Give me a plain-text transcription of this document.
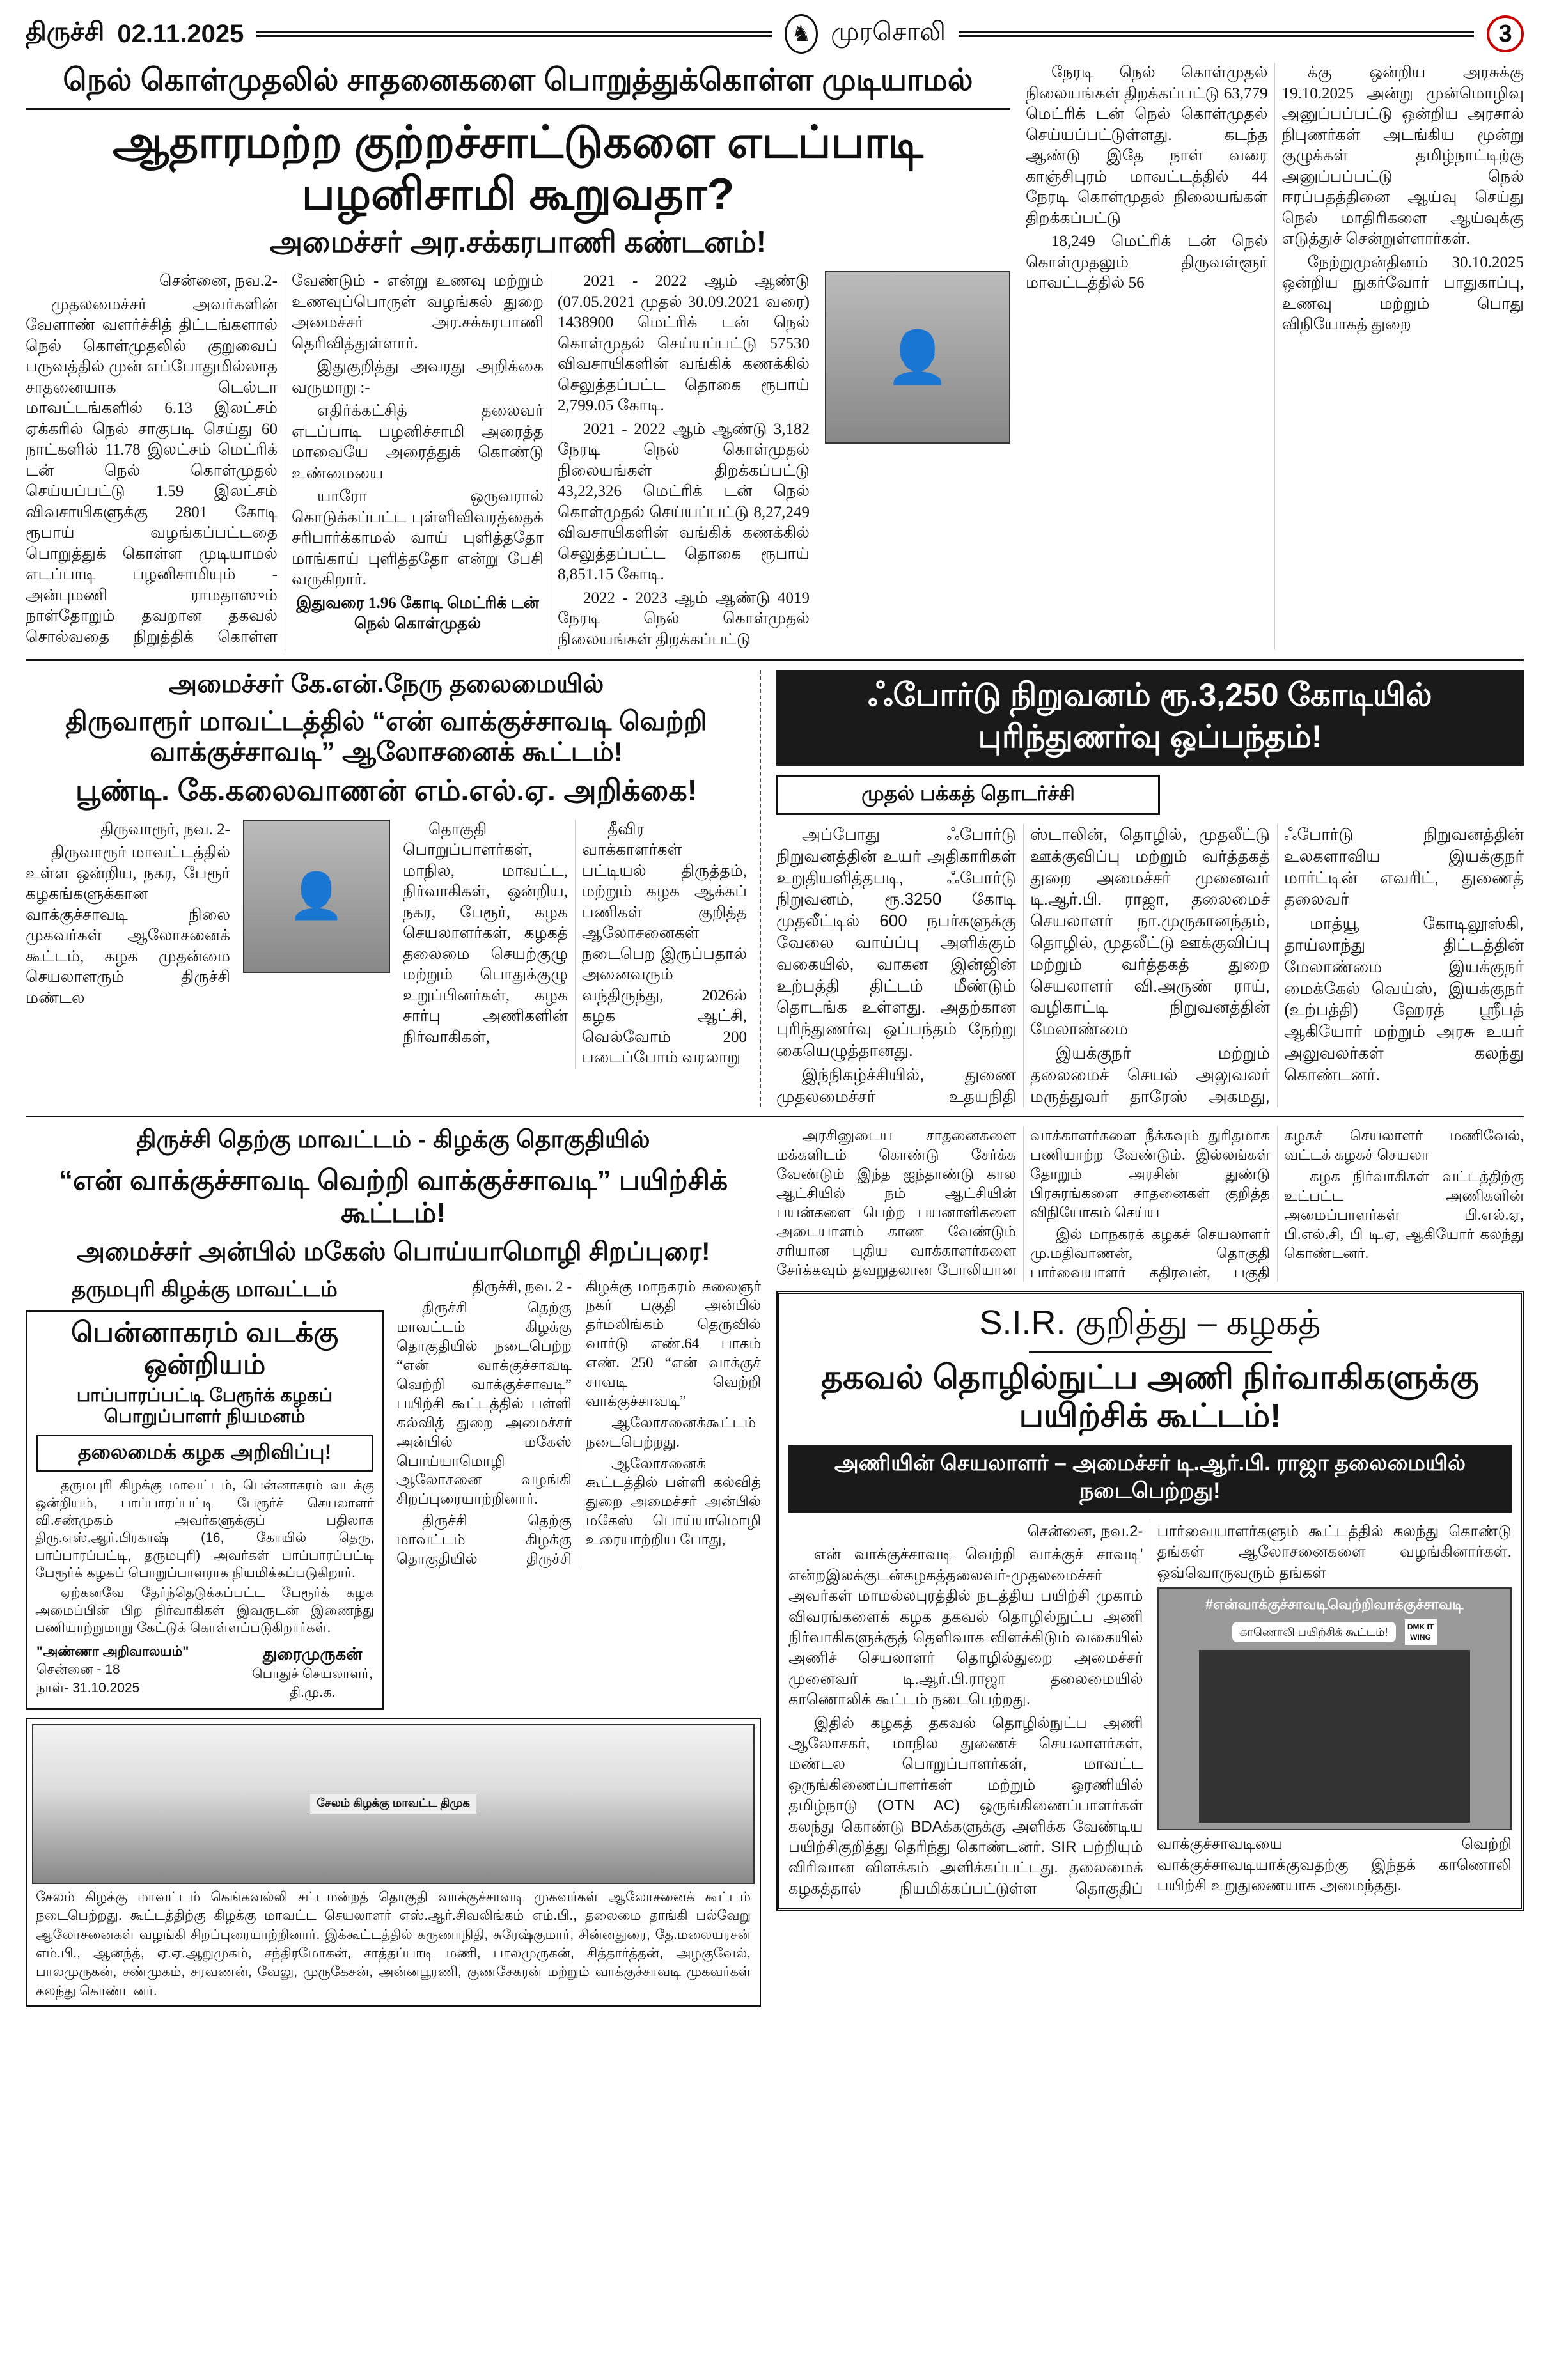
திருச்சி 02.11.2025	♞ முரசொலி	3
நெல் கொள்முதலில் சாதனைகளை பொறுத்துக்கொள்ள முடியாமல்
ஆதாரமற்ற குற்றச்சாட்டுகளை எடப்பாடி பழனிசாமி கூறுவதா?
அமைச்சர் அர.சக்கரபாணி கண்டனம்!

சென்னை, நவ.2-

முதலமைச்சர் அவர்களின் வேளாண் வளர்ச்சித் திட்டங்களால் நெல் கொள்முதலில் குறுவைப் பருவத்தில் முன் எப்போதுமில்லாத சாதனையாக டெல்டா மாவட்டங்களில் 6.13 இலட்சம் ஏக்கரில் நெல் சாகுபடி செய்து 60 நாட்களில் 11.78 இலட்சம் மெட்ரிக் டன் நெல் கொள்முதல் செய்யப்பட்டு 1.59 இலட்சம் விவசாயிகளுக்கு 2801 கோடி ரூபாய் வழங்கப்பட்டதை பொறுத்துக் கொள்ள முடியாமல் எடப்பாடி பழனிசாமியும் - அன்புமணி ராமதாஸும் நாள்தோறும் தவறான தகவல் சொல்வதை நிறுத்திக் கொள்ள வேண்டும் - என்று உணவு மற்றும் உணவுப்பொருள் வழங்கல் துறை அமைச்சர் அர.சக்கரபாணி தெரிவித்துள்ளார்.

இதுகுறித்து அவரது அறிக்கை வருமாறு :-

எதிர்க்கட்சித் தலைவர் எடப்பாடி பழனிச்சாமி அரைத்த மாவையே அரைத்துக் கொண்டு உண்மையை

யாரோ ஒருவரால் கொடுக்கப்பட்ட புள்ளிவிவரத்தைக் சரிபார்க்காமல் வாய் புளித்ததோ மாங்காய் புளித்ததோ என்று பேசி வருகிறார்.

இதுவரை 1.96 கோடி மெட்ரிக் டன் நெல் கொள்முதல்

2021 - 2022 ஆம் ஆண்டு (07.05.2021 முதல் 30.09.2021 வரை) 1438900 மெட்ரிக் டன் நெல் கொள்முதல் செய்யப்பட்டு 57530 விவசாயிகளின் வங்கிக் கணக்கில் செலுத்தப்பட்ட தொகை ரூபாய் 2,799.05 கோடி.

2021 - 2022 ஆம் ஆண்டு 3,182 நேரடி நெல் கொள்முதல் நிலையங்கள் திறக்கப்பட்டு 43,22,326 மெட்ரிக் டன் நெல் கொள்முதல் செய்யப்பட்டு 8,27,249 விவசாயிகளின் வங்கிக் கணக்கில் செலுத்தப்பட்ட தொகை ரூபாய் 8,851.15 கோடி.

2022 - 2023 ஆம் ஆண்டு 4019 நேரடி நெல் கொள்முதல் நிலையங்கள் திறக்கப்பட்டு

👤

நேரடி நெல் கொள்முதல் நிலையங்கள் திறக்கப்பட்டு 63,779 மெட்ரிக் டன் நெல் கொள்முதல் செய்யப்பட்டுள்ளது. கடந்த ஆண்டு இதே நாள் வரை காஞ்சிபுரம் மாவட்டத்தில் 44 நேரடி கொள்முதல் நிலையங்கள் திறக்கப்பட்டு

18,249 மெட்ரிக் டன் நெல் கொள்முதலும் திருவள்ளூர் மாவட்டத்தில் 56

க்கு ஒன்றிய அரசுக்கு 19.10.2025 அன்று முன்மொழிவு அனுப்பப்பட்டு ஒன்றிய அரசால் நிபுணர்கள் அடங்கிய மூன்று குழுக்கள் தமிழ்நாட்டிற்கு அனுப்பப்பட்டு நெல் ஈரப்பதத்தினை ஆய்வு செய்து நெல் மாதிரிகளை ஆய்வுக்கு எடுத்துச் சென்றுள்ளார்கள்.

நேற்றுமுன்தினம் 30.10.2025 ஒன்றிய நுகர்வோர் பாதுகாப்பு, உணவு மற்றும் பொது விநியோகத் துறை

அமைச்சர் கே.என்.நேரு தலைமையில்
திருவாரூர் மாவட்டத்தில் “என் வாக்குச்சாவடி வெற்றி வாக்குச்சாவடி” ஆலோசனைக் கூட்டம்!
பூண்டி. கே.கலைவாணன் எம்.எல்.ஏ. அறிக்கை!

திருவாரூர், நவ. 2-

திருவாரூர் மாவட்டத்தில் உள்ள ஒன்றிய, நகர, பேரூர் கழகங்களுக்கான வாக்குச்சாவடி நிலை முகவர்கள் ஆலோசனைக் கூட்டம், கழக முதன்மை செயலாளரும் திருச்சி மண்டல

👤

தொகுதி பொறுப்பாளர்கள், மாநில, மாவட்ட, நிர்வாகிகள், ஒன்றிய, நகர, பேரூர், கழக செயலாளர்கள், கழகத் தலைமை செயற்குழு மற்றும் பொதுக்குழு உறுப்பினர்கள், கழக சார்பு அணிகளின் நிர்வாகிகள்,

தீவிர வாக்காளர்கள் பட்டியல் திருத்தம், மற்றும் கழக ஆக்கப் பணிகள் குறித்த ஆலோசனைகள் நடைபெற இருப்பதால் அனைவரும் வந்திருந்து, 2026ல் கழக ஆட்சி, வெல்வோம் 200 படைப்போம் வரலாறு

ஃபோர்டு நிறுவனம் ரூ.3,250 கோடியில் புரிந்துணர்வு ஒப்பந்தம்!
முதல் பக்கத் தொடர்ச்சி

அப்போது ஃபோர்டு நிறுவனத்தின் உயர் அதிகாரிகள் உறுதியளித்தபடி, ஃபோர்டு நிறுவனம், ரூ.3250 கோடி முதலீட்டில் 600 நபர்களுக்கு வேலை வாய்ப்பு அளிக்கும் வகையில், வாகன இன்ஜின் உற்பத்தி திட்டம் மீண்டும் தொடங்க உள்ளது. அதற்கான புரிந்துணர்வு ஒப்பந்தம் நேற்று கையெழுத்தானது.

இந்நிகழ்ச்சியில், துணை முதலமைச்சர் உதயநிதி ஸ்டாலின், தொழில், முதலீட்டு ஊக்குவிப்பு மற்றும் வர்த்தகத் துறை அமைச்சர் முனைவர் டி.ஆர்.பி. ராஜா, தலைமைச் செயலாளர் நா.முருகானந்தம், தொழில், முதலீட்டு ஊக்குவிப்பு மற்றும் வர்த்தகத் துறை செயலாளர் வி.அருண் ராய், வழிகாட்டி நிறுவனத்தின் மேலாண்மை

இயக்குநர் மற்றும் தலைமைச் செயல் அலுவலர் மருத்துவர் தாரேஸ் அகமது, ஃபோர்டு நிறுவனத்தின் உலகளாவிய இயக்குநர் மார்ட்டின் எவரிட், துணைத் தலைவர்

மாத்யூ கோடிலூஸ்கி, தாய்லாந்து திட்டத்தின் மேலாண்மை இயக்குநர் மைக்கேல் வெய்ஸ், இயக்குநர் (உற்பத்தி) ஹேரத் ஸ்ரீபத் ஆகியோர் மற்றும் அரசு உயர் அலுவலர்கள் கலந்து கொண்டனர்.

திருச்சி தெற்கு மாவட்டம் - கிழக்கு தொகுதியில்
“என் வாக்குச்சாவடி வெற்றி வாக்குச்சாவடி” பயிற்சிக் கூட்டம்!
அமைச்சர் அன்பில் மகேஸ் பொய்யாமொழி சிறப்புரை!
தருமபுரி கிழக்கு மாவட்டம்
பென்னாகரம் வடக்கு ஒன்றியம்
பாப்பாரப்பட்டி பேரூர்க் கழகப் பொறுப்பாளர் நியமனம்
தலைமைக் கழக அறிவிப்பு!

தருமபுரி கிழக்கு மாவட்டம், பென்னாகரம் வடக்கு ஒன்றியம், பாப்பாரப்பட்டி பேரூர்ச் செயலாளர் வி.சண்முகம் அவர்களுக்குப் பதிலாக திரு.எஸ்.ஆர்.பிரகாஷ் (16, கோயில் தெரு, பாப்பாரப்பட்டி, தருமபுரி) அவர்கள் பாப்பாரப்பட்டி பேரூர்க் கழகப் பொறுப்பாளராக நியமிக்கப்படுகிறார்.

ஏற்கனவே தேர்ந்தெடுக்கப்பட்ட பேரூர்க் கழக அமைப்பின் பிற நிர்வாகிகள் இவருடன் இணைந்து பணியாற்றுமாறு கேட்டுக் கொள்ளப்படுகிறார்கள்.

"அண்ணா அறிவாலயம்"
சென்னை - 18
நாள்- 31.10.2025
துரைமுருகன்
பொதுச் செயலாளர்,
தி.மு.க.

திருச்சி, நவ. 2 -

திருச்சி தெற்கு மாவட்டம் கிழக்கு தொகுதியில் நடைபெற்ற “என் வாக்குச்சாவடி வெற்றி வாக்குச்சாவடி” பயிற்சி கூட்டத்தில் பள்ளி கல்வித் துறை அமைச்சர் அன்பில் மகேஸ் பொய்யாமொழி ஆலோசனை வழங்கி சிறப்புரையாற்றினார்.

திருச்சி தெற்கு மாவட்டம் கிழக்கு தொகுதியில் திருச்சி கிழக்கு மாநகரம் கலைஞர் நகர் பகுதி அன்பில் தர்மலிங்கம் தெருவில் வார்டு எண்.64 பாகம் எண். 250 “என் வாக்குச் சாவடி வெற்றி வாக்குச்சாவடி”

ஆலோசனைக்கூட்டம் நடைபெற்றது.

ஆலோசனைக் கூட்டத்தில் பள்ளி கல்வித் துறை அமைச்சர் அன்பில் மகேஸ் பொய்யாமொழி உரையாற்றிய போது,

சேலம் கிழக்கு மாவட்ட திமுக
சேலம் கிழக்கு மாவட்டம் கெங்கவல்லி சட்டமன்றத் தொகுதி வாக்குச்சாவடி முகவர்கள் ஆலோசனைக் கூட்டம் நடைபெற்றது. கூட்டத்திற்கு கிழக்கு மாவட்ட செயலாளர் எஸ்.ஆர்.சிவலிங்கம் எம்.பி., தலைமை தாங்கி பல்வேறு ஆலோசனைகள் வழங்கி சிறப்புரையாற்றினார். இக்கூட்டத்தில் கருணாநிதி, சுரேஷ்குமார், சின்னதுரை, தே.மலையரசன் எம்.பி., ஆனந்த், ஏ.ஏ.ஆறுமுகம், சந்திரமோகன், சாத்தப்பாடி மணி, பாலமுருகன், சித்தார்த்தன், அழகுவேல், பாலமுருகன், சண்முகம், சரவணன், வேலு, முருகேசன், அன்னபூரணி, குணசேகரன் மற்றும் வாக்குச்சாவடி முகவர்கள் கலந்து கொண்டனர்.

அரசினுடைய சாதனைகளை மக்களிடம் கொண்டு சேர்க்க வேண்டும் இந்த ஐந்தாண்டு கால ஆட்சியில் நம் ஆட்சியின் பயன்களை பெற்ற பயனாளிகளை அடையாளம் காண வேண்டும் சரியான புதிய வாக்காளர்களை சேர்க்கவும் தவறுதலான போலியான வாக்காளர்களை நீக்கவும் துரிதமாக பணியாற்ற வேண்டும். இல்லங்கள் தோறும் அரசின் துண்டு பிரசுரங்களை சாதனைகள் குறித்த விநியோகம் செய்ய

இல் மாநகரக் கழகச் செயலாளர் மு.மதிவாணன், தொகுதி பார்வையாளர் கதிரவன், பகுதி கழகச் செயலாளர் மணிவேல், வட்டக் கழகச் செயலா

கழக நிர்வாகிகள் வட்டத்திற்கு உட்பட்ட அணிகளின் அமைப்பாளர்கள் பி.எல்.ஏ, பி.எல்.சி, பி டி.ஏ, ஆகியோர் கலந்து கொண்டனர்.

S.I.R. குறித்து – கழகத்
தகவல் தொழில்நுட்ப அணி நிர்வாகிகளுக்கு பயிற்சிக் கூட்டம்!
அணியின் செயலாளர் – அமைச்சர் டி.ஆர்.பி. ராஜா தலைமையில் நடைபெற்றது!

சென்னை, நவ.2-

என் வாக்குச்சாவடி வெற்றி வாக்குச் சாவடி' என்றஇலக்குடன்கழகத்தலைவர்-முதலமைச்சர் அவர்கள் மாமல்லபுரத்தில் நடத்திய பயிற்சி முகாம் விவரங்களைக் கழக தகவல் தொழில்நுட்ப அணி நிர்வாகிகளுக்குத் தெளிவாக விளக்கிடும் வகையில் அணிச் செயலாளர் தொழில்துறை அமைச்சர் முனைவர் டி.ஆர்.பி.ராஜா தலைமையில் காணொலிக் கூட்டம் நடைபெற்றது.

இதில் கழகத் தகவல் தொழில்நுட்ப அணி ஆலோசகர், மாநில துணைச் செயலாளர்கள், மண்டல பொறுப்பாளர்கள், மாவட்ட ஒருங்கிணைப்பாளர்கள் மற்றும் ஓரணியில் தமிழ்நாடு (OTN AC) ஒருங்கிணைப்பாளர்கள் கலந்து கொண்டு BDAக்களுக்கு அளிக்க வேண்டிய பயிற்சிகுறித்து தெரிந்து கொண்டனர். SIR பற்றியும் விரிவான விளக்கம் அளிக்கப்பட்டது. தலைமைக் கழகத்தால் நியமிக்கப்பட்டுள்ள தொகுதிப் பார்வையாளர்களும் கூட்டத்தில் கலந்து கொண்டு தங்கள் ஆலோசனைகளை வழங்கினார்கள். ஒவ்வொருவரும் தங்கள்

#என்வாக்குச்சாவடிவெற்றிவாக்குச்சாவடி
காணொலி பயிற்சிக் கூட்டம்!	DMK IT WING

வாக்குச்சாவடியை வெற்றி வாக்குச்சாவடியாக்குவதற்கு இந்தக் காணொலி பயிற்சி உறுதுணையாக அமைந்தது.
